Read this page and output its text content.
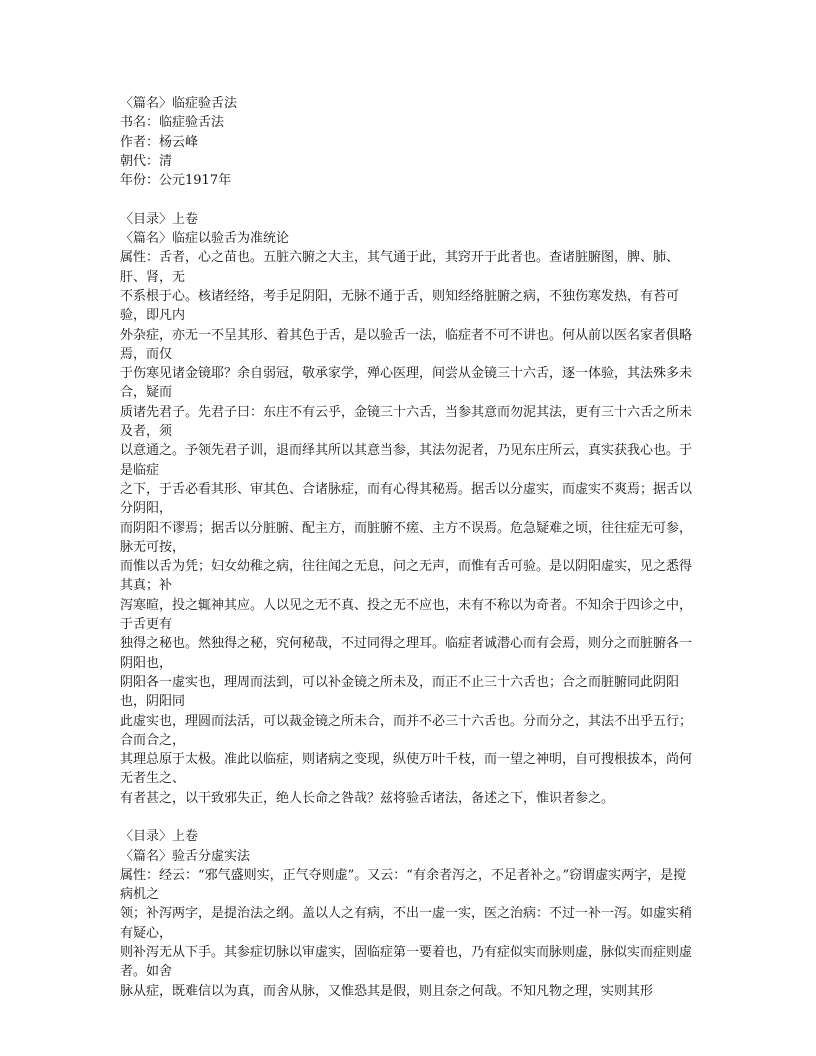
〈篇名〉临症验舌法

书名：临症验舌法

作者：杨云峰

朝代：清

年份：公元1917年

〈目录〉上卷

〈篇名〉临症以验舌为准统论

属性：舌者，心之苗也。五脏六腑之大主，其气通于此，其窍开于此者也。查诸脏腑图，脾、肺、肝、肾，无

不系根于心。核诸经络，考手足阴阳，无脉不通于舌，则知经络脏腑之病，不独伤寒发热，有苔可验，即凡内

外杂症，亦无一不呈其形、着其色于舌，是以验舌一法，临症者不可不讲也。何从前以医名家者俱略焉，而仅

于伤寒见诸金镜耶？余自弱冠，敬承家学，殚心医理，间尝从金镜三十六舌，逐一体验，其法殊多未合，疑而

质诸先君子。先君子曰：东庄不有云乎，金镜三十六舌，当参其意而勿泥其法，更有三十六舌之所未及者，须

以意通之。予领先君子训，退而绎其所以其意当参，其法勿泥者，乃见东庄所云，真实获我心也。于是临症

之下，于舌必看其形、审其色、合诸脉症，而有心得其秘焉。据舌以分虚实，而虚实不爽焉；据舌以分阴阳，

而阴阳不谬焉；据舌以分脏腑、配主方，而脏腑不瘥、主方不误焉。危急疑难之顷，往往症无可参，脉无可按，

而惟以舌为凭；妇女幼稚之病，往往闻之无息，问之无声，而惟有舌可验。是以阴阳虚实，见之悉得其真；补

泻寒暄，投之辄神其应。人以见之无不真、投之无不应也，未有不称以为奇者。不知余于四诊之中，于舌更有

独得之秘也。然独得之秘，究何秘哉，不过同得之理耳。临症者诚潜心而有会焉，则分之而脏腑各一阴阳也，

阴阳各一虚实也，理周而法到，可以补金镜之所未及，而正不止三十六舌也；合之而脏腑同此阴阳也，阴阳同

此虚实也，理圆而法活，可以裁金镜之所未合，而并不必三十六舌也。分而分之，其法不出乎五行；合而合之，

其理总原于太极。准此以临症，则诸病之变现，纵使万叶千枝，而一望之神明，自可搜根拔本，尚何无者生之、

有者甚之，以干致邪失正，绝人长命之咎哉？兹将验舌诸法，备述之下，惟识者参之。

〈目录〉上卷

〈篇名〉验舌分虚实法

属性：经云：“邪气盛则实，正气夺则虚”。又云：“有余者泻之，不足者补之。”窃谓虚实两字，是搅病机之

领；补泻两字，是提治法之纲。盖以人之有病，不出一虚一实，医之治病：不过一补一泻。如虚实稍有疑心，

则补泻无从下手。其参症切脉以审虚实，固临症第一要着也，乃有症似实而脉则虚，脉似实而症则虚者。如舍

脉从症，既难信以为真，而舍从脉，又惟恐其是假，则且奈之何哉。不知凡物之理，实则其形
